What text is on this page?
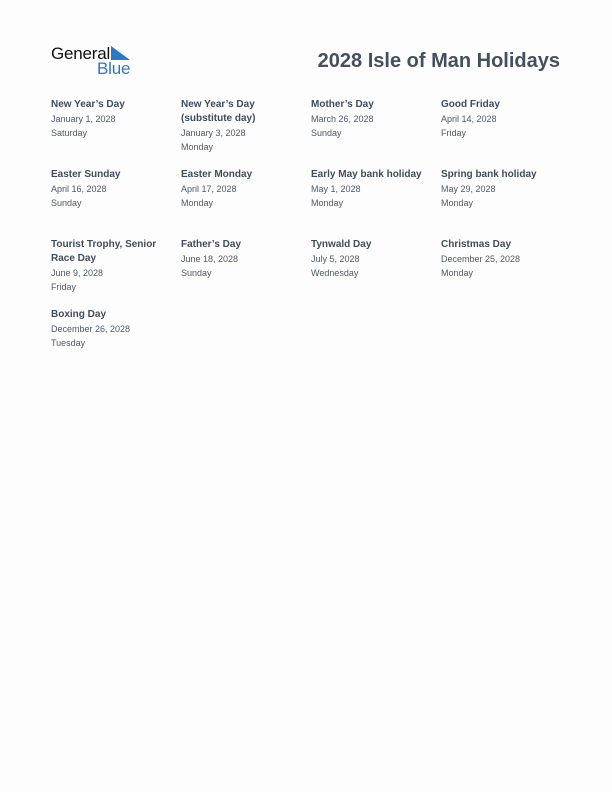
General
Blue	2028 Isle of Man Holidays
New Year’s Day
January 1, 2028
Saturday
New Year’s Day (substitute day)
January 3, 2028
Monday
Mother’s Day
March 26, 2028
Sunday
Good Friday
April 14, 2028
Friday
Easter Sunday
April 16, 2028
Sunday
Easter Monday
April 17, 2028
Monday
Early May bank holiday
May 1, 2028
Monday
Spring bank holiday
May 29, 2028
Monday
Tourist Trophy, Senior Race Day
June 9, 2028
Friday
Father’s Day
June 18, 2028
Sunday
Tynwald Day
July 5, 2028
Wednesday
Christmas Day
December 25, 2028
Monday
Boxing Day
December 26, 2028
Tuesday
